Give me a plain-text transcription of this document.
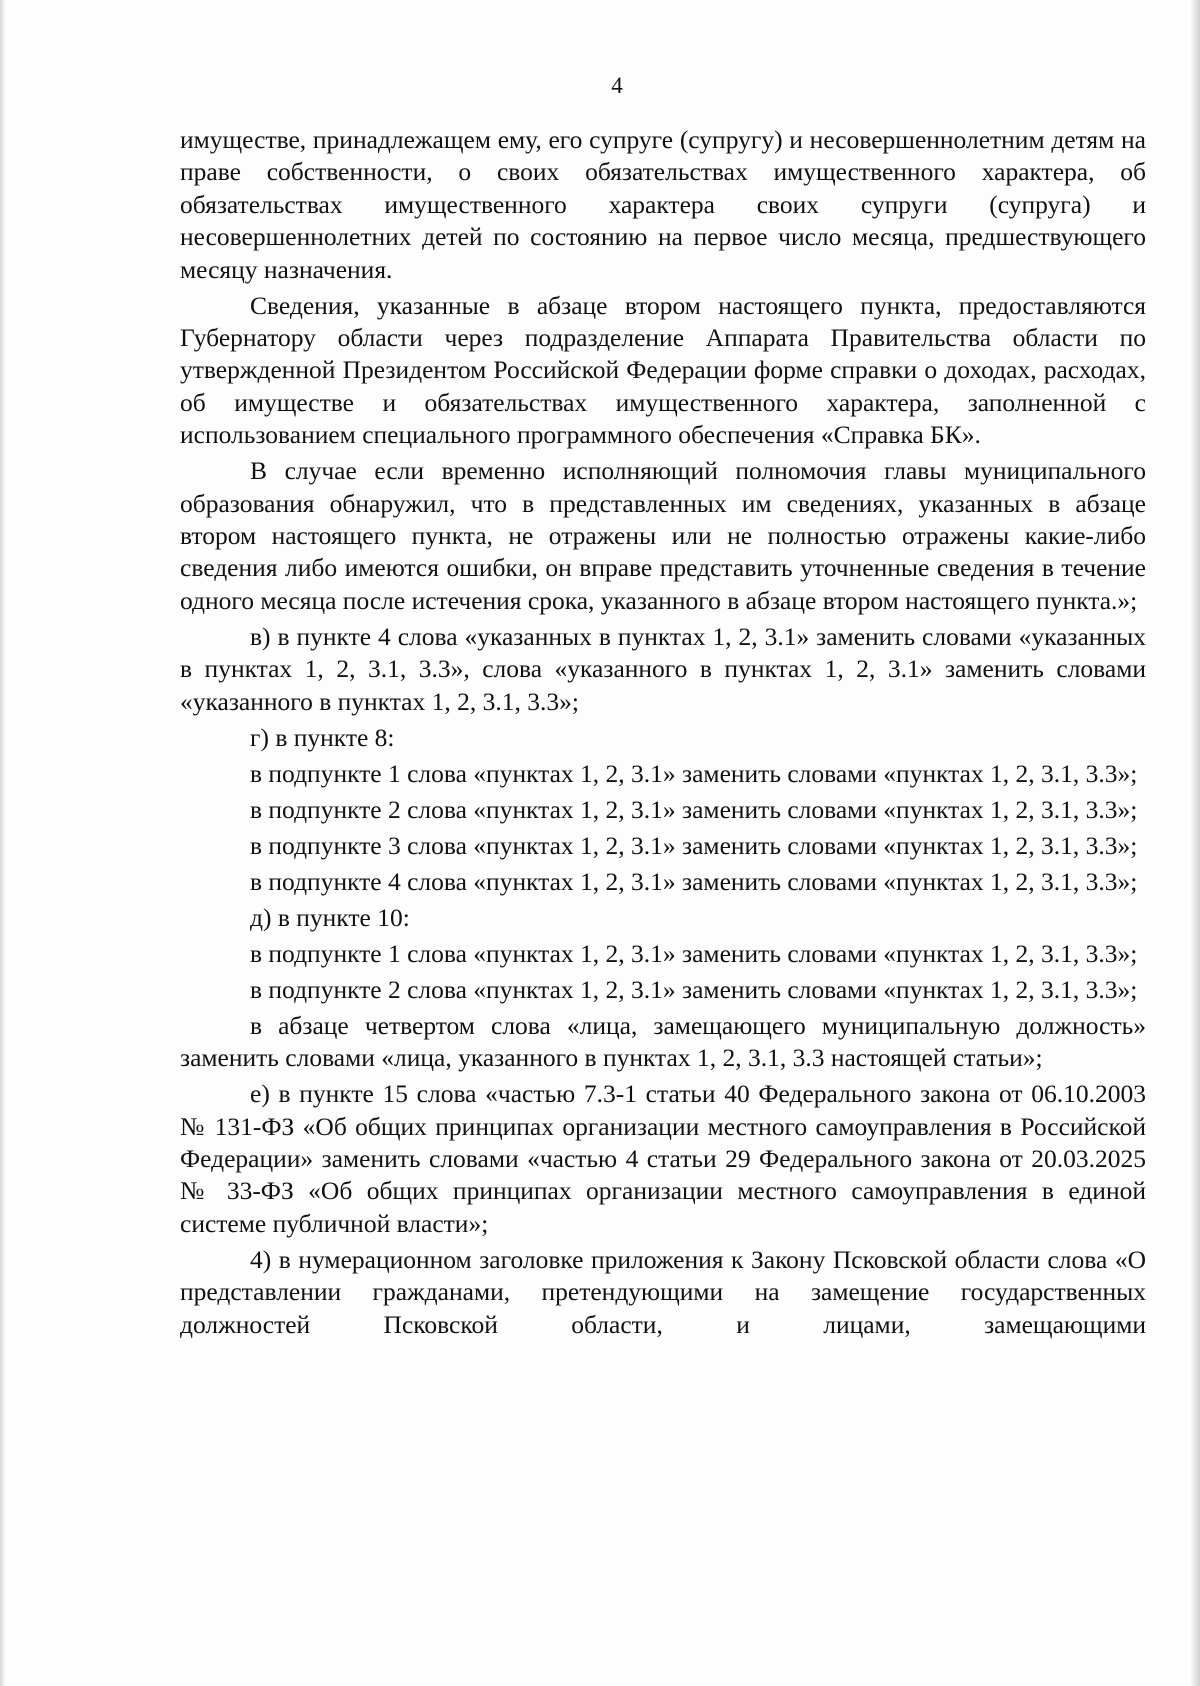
4

имуществе, принадлежащем ему, его супруге (супругу) и несовершеннолетним детям на праве собственности, о своих обязательствах имущественного характера, об обязательствах имущественного характера своих супруги (супруга) и несовершеннолетних детей по состоянию на первое число месяца, предшествующего месяцу назначения.

Сведения, указанные в абзаце втором настоящего пункта, предоставляются Губернатору области через подразделение Аппарата Правительства области по утвержденной Президентом Российской Федерации форме справки о доходах, расходах, об имуществе и обязательствах имущественного характера, заполненной с использованием специального программного обеспечения «Справка БК».

В случае если временно исполняющий полномочия главы муниципального образования обнаружил, что в представленных им сведениях, указанных в абзаце втором настоящего пункта, не отражены или не полностью отражены какие-либо сведения либо имеются ошибки, он вправе представить уточненные сведения в течение одного месяца после истечения срока, указанного в абзаце втором настоящего пункта.»;

в) в пункте 4 слова «указанных в пунктах 1, 2, 3.1» заменить словами «указанных в пунктах 1, 2, 3.1, 3.3», слова «указанного в пунктах 1, 2, 3.1» заменить словами «указанного в пунктах 1, 2, 3.1, 3.3»;

г) в пункте 8:

в подпункте 1 слова «пунктах 1, 2, 3.1» заменить словами «пунктах 1, 2, 3.1, 3.3»;

в подпункте 2 слова «пунктах 1, 2, 3.1» заменить словами «пунктах 1, 2, 3.1, 3.3»;

в подпункте 3 слова «пунктах 1, 2, 3.1» заменить словами «пунктах 1, 2, 3.1, 3.3»;

в подпункте 4 слова «пунктах 1, 2, 3.1» заменить словами «пунктах 1, 2, 3.1, 3.3»;

д) в пункте 10:

в подпункте 1 слова «пунктах 1, 2, 3.1» заменить словами «пунктах 1, 2, 3.1, 3.3»;

в подпункте 2 слова «пунктах 1, 2, 3.1» заменить словами «пунктах 1, 2, 3.1, 3.3»;

в абзаце четвертом слова «лица, замещающего муниципальную должность» заменить словами «лица, указанного в пунктах 1, 2, 3.1, 3.3 настоящей статьи»;

е) в пункте 15 слова «частью 7.3-1 статьи 40 Федерального закона от 06.10.2003 № 131-ФЗ «Об общих принципах организации местного самоуправления в Российской Федерации» заменить словами «частью 4 статьи 29 Федерального закона от 20.03.2025 № 33-ФЗ «Об общих принципах организации местного самоуправления в единой системе публичной власти»;

4) в нумерационном заголовке приложения к Закону Псковской области слова «О представлении гражданами, претендующими на замещение государственных должностей Псковской области, и лицами, замещающими
